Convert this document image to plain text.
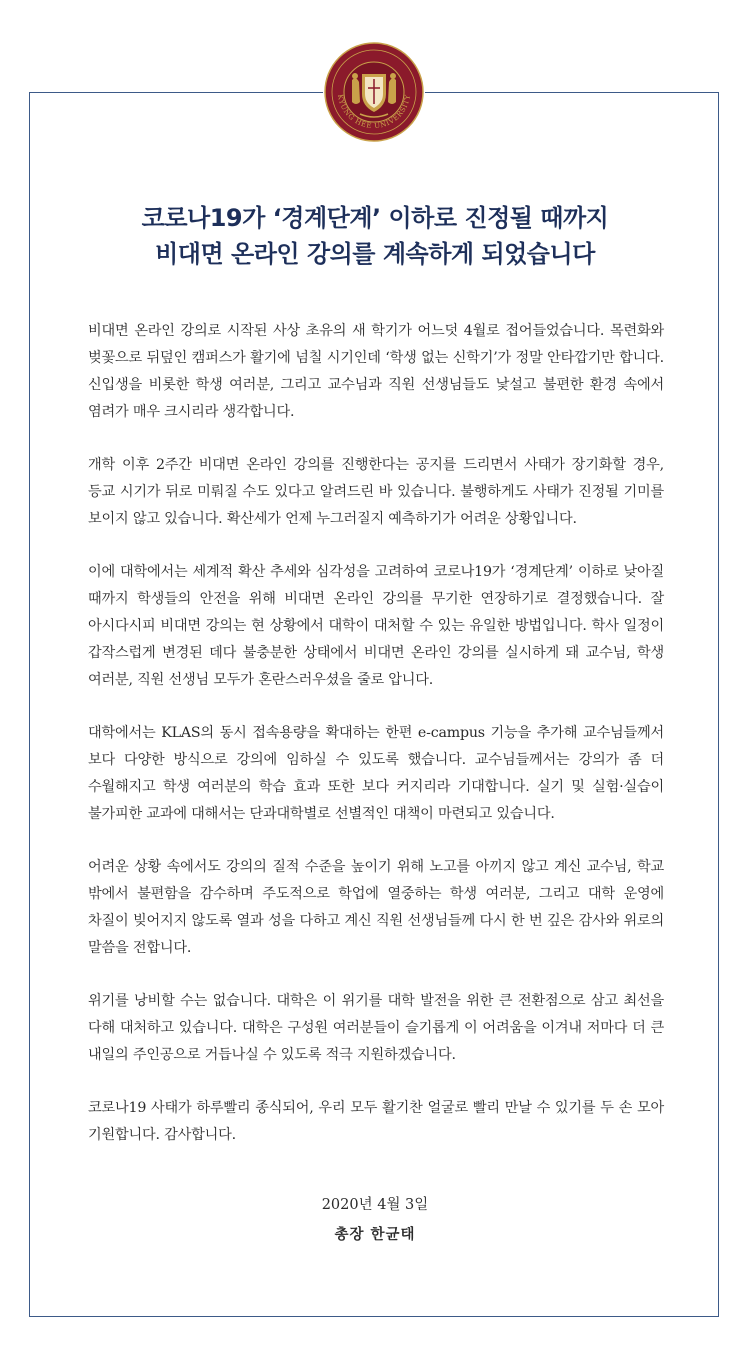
KYUNG HEE UNIVERSITY
코로나19가 ‘경계단계’ 이하로 진정될 때까지
비대면 온라인 강의를 계속하게 되었습니다

비대면 온라인 강의로 시작된 사상 초유의 새 학기가 어느덧 4월로 접어들었습니다. 목련화와 벚꽃으로 뒤덮인 캠퍼스가 활기에 넘칠 시기인데 ‘학생 없는 신학기’가 정말 안타깝기만 합니다. 신입생을 비롯한 학생 여러분, 그리고 교수님과 직원 선생님들도 낯설고 불편한 환경 속에서 염려가 매우 크시리라 생각합니다.

개학 이후 2주간 비대면 온라인 강의를 진행한다는 공지를 드리면서 사태가 장기화할 경우, 등교 시기가 뒤로 미뤄질 수도 있다고 알려드린 바 있습니다. 불행하게도 사태가 진정될 기미를 보이지 않고 있습니다. 확산세가 언제 누그러질지 예측하기가 어려운 상황입니다.

이에 대학에서는 세계적 확산 추세와 심각성을 고려하여 코로나19가 ‘경계단계’ 이하로 낮아질 때까지 학생들의 안전을 위해 비대면 온라인 강의를 무기한 연장하기로 결정했습니다. 잘 아시다시피 비대면 강의는 현 상황에서 대학이 대처할 수 있는 유일한 방법입니다. 학사 일정이 갑작스럽게 변경된 데다 불충분한 상태에서 비대면 온라인 강의를 실시하게 돼 교수님, 학생 여러분, 직원 선생님 모두가 혼란스러우셨을 줄로 압니다.

대학에서는 KLAS의 동시 접속용량을 확대하는 한편 e-campus 기능을 추가해 교수님들께서 보다 다양한 방식으로 강의에 임하실 수 있도록 했습니다. 교수님들께서는 강의가 좀 더 수월해지고 학생 여러분의 학습 효과 또한 보다 커지리라 기대합니다. 실기 및 실험·실습이 불가피한 교과에 대해서는 단과대학별로 선별적인 대책이 마련되고 있습니다.

어려운 상황 속에서도 강의의 질적 수준을 높이기 위해 노고를 아끼지 않고 계신 교수님, 학교 밖에서 불편함을 감수하며 주도적으로 학업에 열중하는 학생 여러분, 그리고 대학 운영에 차질이 빚어지지 않도록 열과 성을 다하고 계신 직원 선생님들께 다시 한 번 깊은 감사와 위로의 말씀을 전합니다.

위기를 낭비할 수는 없습니다. 대학은 이 위기를 대학 발전을 위한 큰 전환점으로 삼고 최선을 다해 대처하고 있습니다. 대학은 구성원 여러분들이 슬기롭게 이 어려움을 이겨내 저마다 더 큰 내일의 주인공으로 거듭나실 수 있도록 적극 지원하겠습니다.

코로나19 사태가 하루빨리 종식되어, 우리 모두 활기찬 얼굴로 빨리 만날 수 있기를 두 손 모아 기원합니다. 감사합니다.

2020년 4월 3일
총장 한균태
